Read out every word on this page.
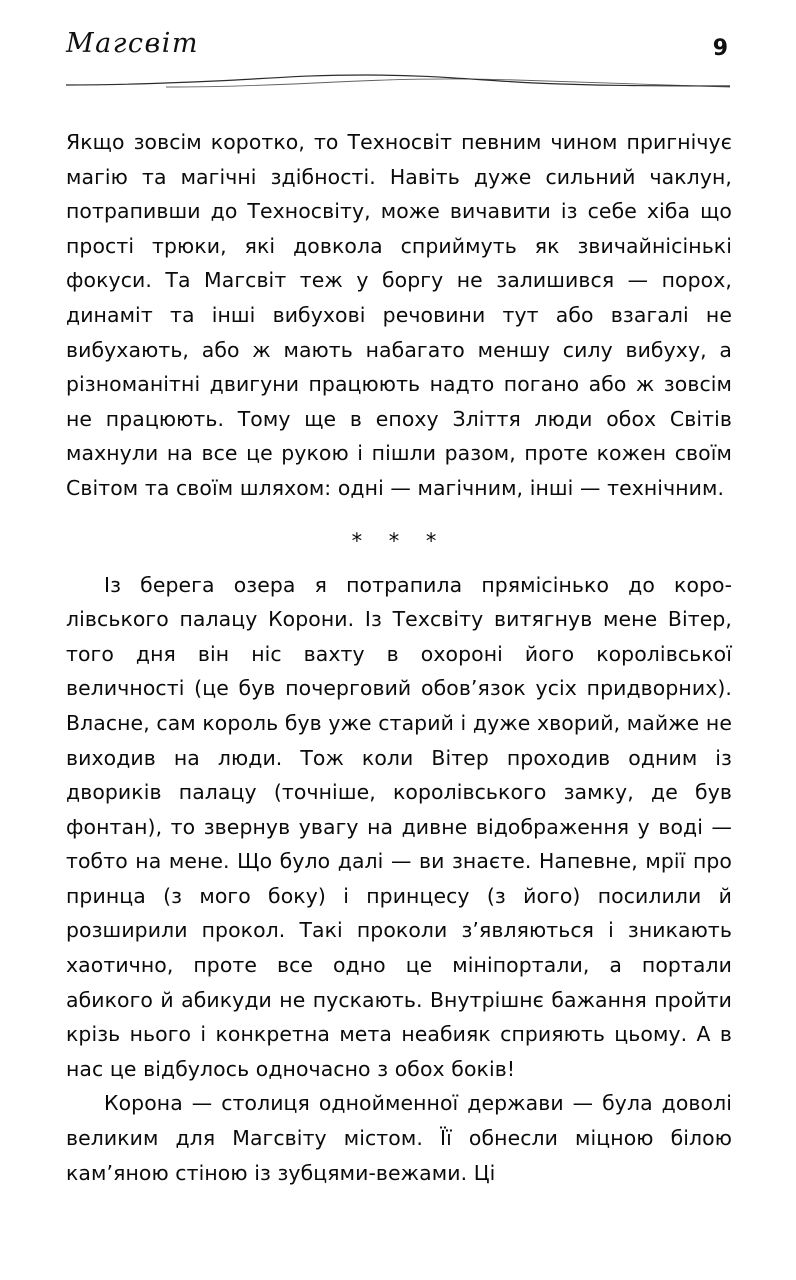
Магсвіт	9

Якщо зовсім коротко, то Техносвіт певним чином пригнічує магію та магічні здібності. Навіть дуже сильний чаклун, потрапивши до Техносвіту, може вичавити із себе хіба що прості трюки, які довкола сприймуть як звичайнісінькі фокуси. Та Магсвіт теж у боргу не залишився — порох, динаміт та інші вибухові речовини тут або взагалі не вибухають, або ж мають набагато меншу силу вибуху, а різноманітні двигуни працюють надто погано або ж зовсім не працюють. Тому ще в епоху Зліття люди обох Світів махнули на все це рукою і пішли разом, проте кожен своїм Світом та своїм шляхом: одні — магічним, інші — технічним.

* * *

Із берега озера я потрапила прямісінько до королівського палацу Корони. Із Техсвіту витягнув мене Вітер, того дня він ніс вахту в охороні його королівської величності (це був почерговий обов’язок усіх придворних). Власне, сам король був уже старий і дуже хворий, майже не виходив на люди. Тож коли Вітер проходив одним із двориків палацу (точніше, королівського замку, де був фонтан), то звернув увагу на дивне відображення у воді — тобто на мене. Що було далі — ви знаєте. Напевне, мрії про принца (з мого боку) і принцесу (з його) посилили й розширили прокол. Такі проколи з’являються і зникають хаотично, проте все одно це мініпортали, а портали абикого й абикуди не пускають. Внутрішнє бажання пройти крізь нього і конкретна мета неабияк сприяють цьому. А в нас це відбулось одночасно з обох боків!

Корона — столиця однойменної держави — була доволі великим для Магсвіту містом. Її обнесли міцною білою кам’яною стіною із зубцями-вежами. Ці
